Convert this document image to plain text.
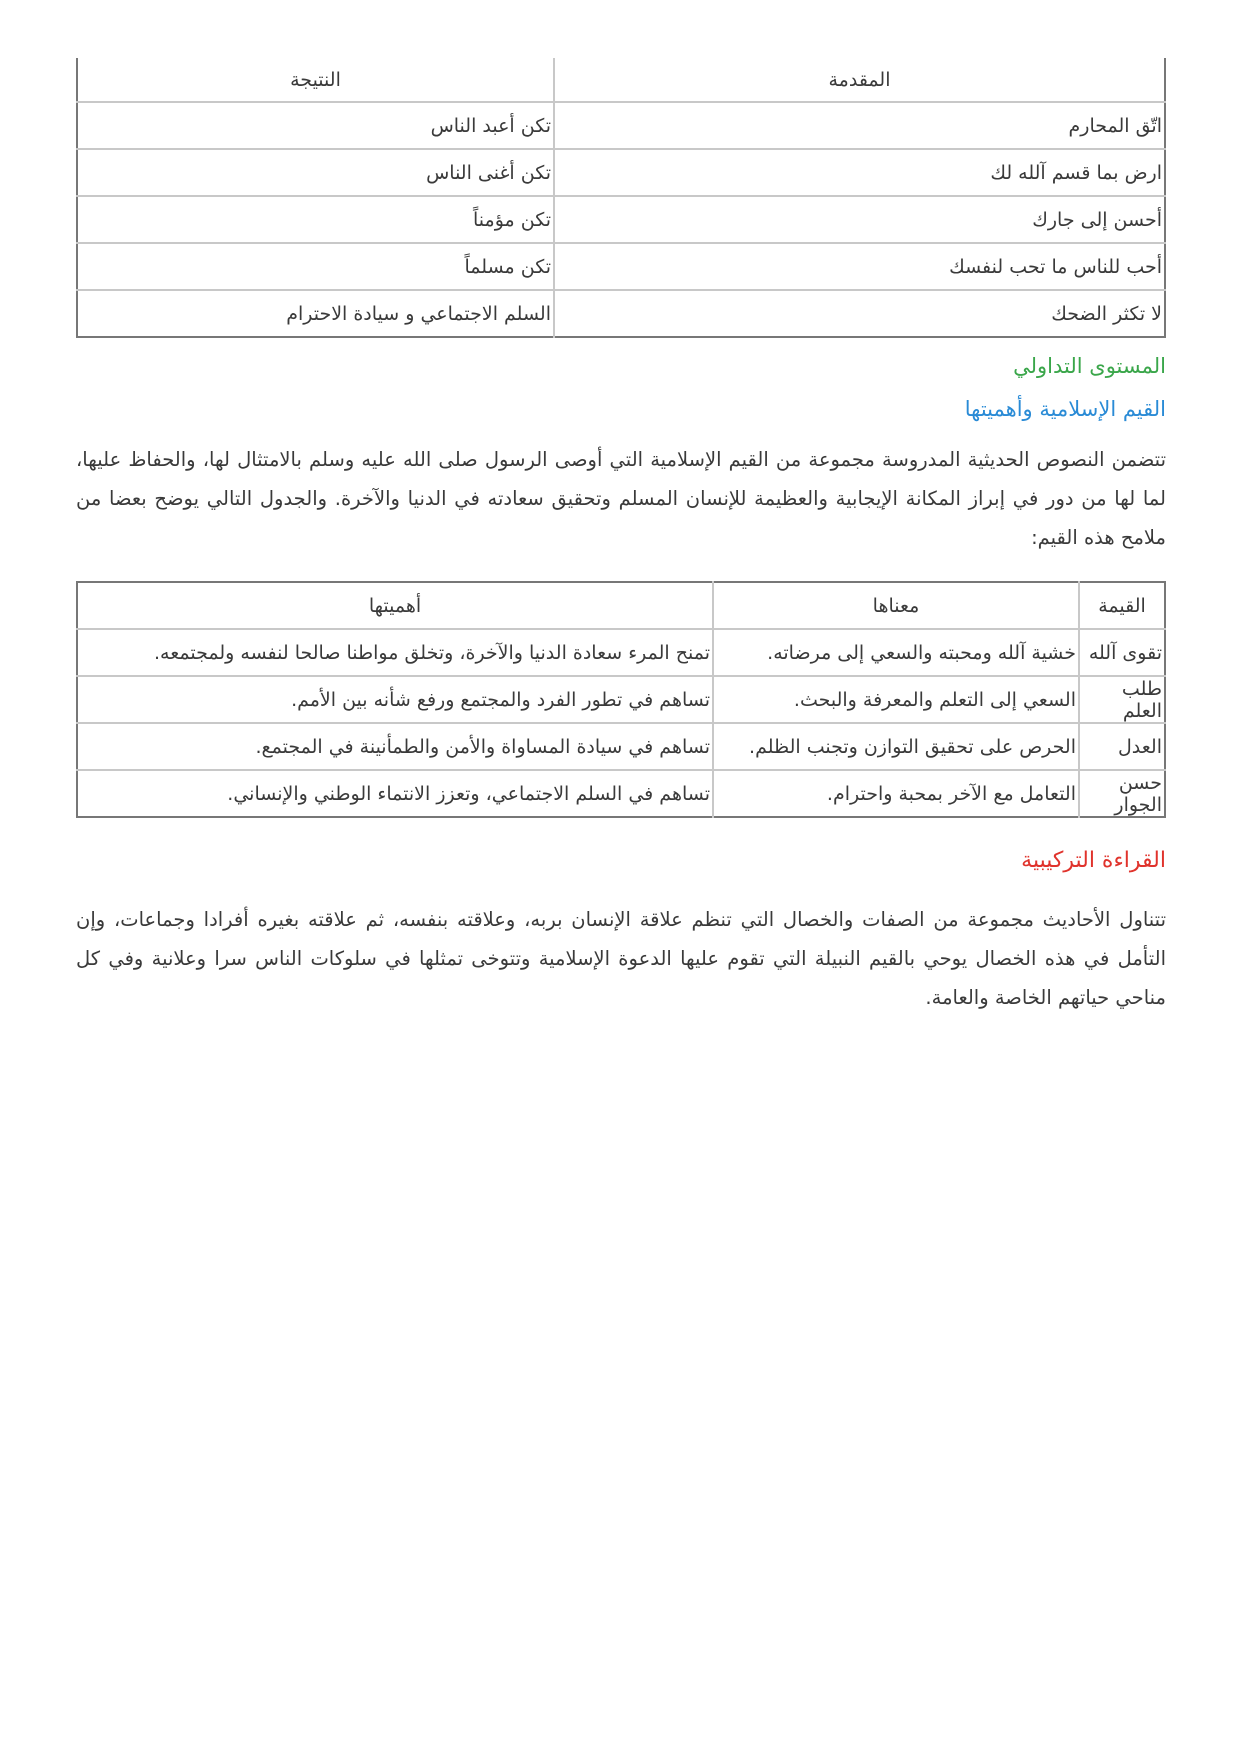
المقدمة	النتيجة
اتّق المحارم	تكن أعبد الناس
ارض بما قسم آلله لك	تكن أغنى الناس
أحسن إلى جارك	تكن مؤمناً
أحب للناس ما تحب لنفسك	تكن مسلماً
لا تكثر الضحك	السلم الاجتماعي و سيادة الاحترام
المستوى التداولي
القيم الإسلامية وأهميتها

تتضمن النصوص الحديثية المدروسة مجموعة من القيم الإسلامية التي أوصى الرسول صلى الله عليه وسلم بالامتثال لها، والحفاظ عليها، لما لها من دور في إبراز المكانة الإيجابية والعظيمة للإنسان المسلم وتحقيق سعادته في الدنيا والآخرة. والجدول التالي يوضح بعضا من ملامح هذه القيم:

القيمة	معناها	أهميتها
تقوى آلله	خشية آلله ومحبته والسعي إلى مرضاته.	تمنح المرء سعادة الدنيا والآخرة، وتخلق مواطنا صالحا لنفسه ولمجتمعه.
طلب العلم	السعي إلى التعلم والمعرفة والبحث.	تساهم في تطور الفرد والمجتمع ورفع شأنه بين الأمم.
العدل	الحرص على تحقيق التوازن وتجنب الظلم.	تساهم في سيادة المساواة والأمن والطمأنينة في المجتمع.
حسن الجوار	التعامل مع الآخر بمحبة واحترام.	تساهم في السلم الاجتماعي، وتعزز الانتماء الوطني والإنساني.
القراءة التركيبية

تتناول الأحاديث مجموعة من الصفات والخصال التي تنظم علاقة الإنسان بربه، وعلاقته بنفسه، ثم علاقته بغيره أفرادا وجماعات، وإن التأمل في هذه الخصال يوحي بالقيم النبيلة التي تقوم عليها الدعوة الإسلامية وتتوخى تمثلها في سلوكات الناس سرا وعلانية وفي كل مناحي حياتهم الخاصة والعامة.
